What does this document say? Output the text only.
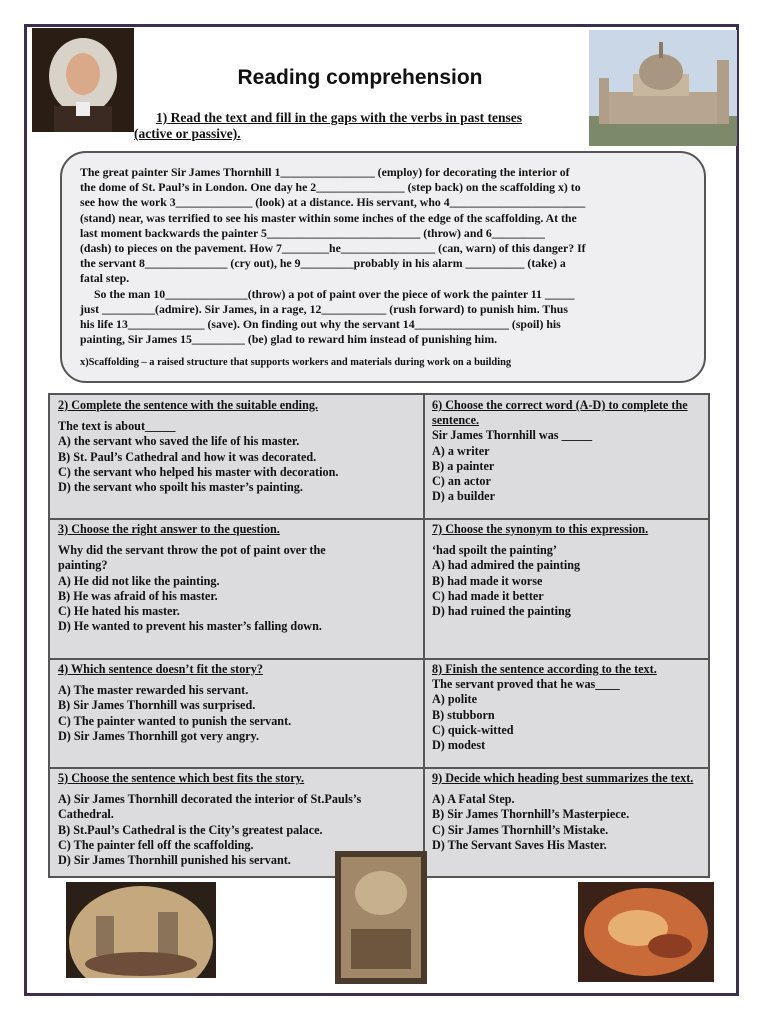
Reading comprehension
1) Read the text and fill in the gaps with the verbs in past tenses
(active or passive).

The great painter Sir James Thornhill 1________________ (employ) for decorating the interior of

the dome of St. Paul’s in London. One day he 2_______________ (step back) on the scaffolding x) to

see how the work 3_____________ (look) at a distance. His servant, who 4_______________________

(stand) near, was terrified to see his master within some inches of the edge of the scaffolding. At the

last moment backwards the painter 5__________________________ (throw) and 6_________

(dash) to pieces on the pavement. How 7________he________________ (can, warn) of this danger? If

the servant 8______________ (cry out), he 9_________probably in his alarm __________ (take) a

fatal step.

So the man 10______________(throw) a pot of paint over the piece of work the painter 11 _____

just _________(admire). Sir James, in a rage, 12___________ (rush forward) to punish him. Thus

his life 13_____________ (save). On finding out why the servant 14________________ (spoil) his

painting, Sir James 15_________ (be) glad to reward him instead of punishing him.

x)Scaffolding – a raised structure that supports workers and materials during work on a building

2) Complete the sentence with the suitable ending.
The text is about_____
A) the servant who saved the life of his master.
B) St. Paul’s Cathedral and how it was decorated.
C) the servant who helped his master with decoration.
D) the servant who spoilt his master’s painting.
6) Choose the correct word (A-D) to complete the sentence.
Sir James Thornhill was _____
A) a writer
B) a painter
C) an actor
D) a builder
3) Choose the right answer to the question.
Why did the servant throw the pot of paint over the
painting?
A) He did not like the painting.
B) He was afraid of his master.
C) He hated his master.
D) He wanted to prevent his master’s falling down.
7) Choose the synonym to this expression.
‘had spoilt the painting’
A) had admired the painting
B) had made it worse
C) had made it better
D) had ruined the painting
4) Which sentence doesn’t fit the story?
A) The master rewarded his servant.
B) Sir James Thornhill was surprised.
C) The painter wanted to punish the servant.
D) Sir James Thornhill got very angry.
8) Finish the sentence according to the text.
The servant proved that he was____
A) polite
B) stubborn
C) quick-witted
D) modest
5) Choose the sentence which best fits the story.
A) Sir James Thornhill decorated the interior of St.Pauls’s
Cathedral.
B) St.Paul’s Cathedral is the City’s greatest palace.
C) The painter fell off the scaffolding.
D) Sir James Thornhill punished his servant.
9) Decide which heading best summarizes the text.
A) A Fatal Step.
B) Sir James Thornhill’s Masterpiece.
C) Sir James Thornhill’s Mistake.
D) The Servant Saves His Master.
